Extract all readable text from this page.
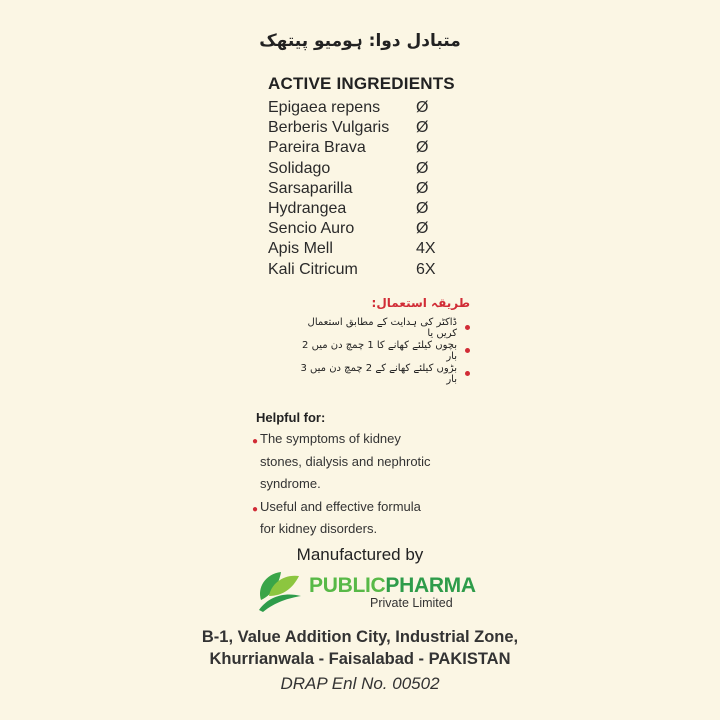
متبادل دوا: ہومیو پیتھک
ACTIVE INGREDIENTS
Epigaea repens	Ø
Berberis Vulgaris	Ø
Pareira Brava	Ø
Solidago	Ø
Sarsaparilla	Ø
Hydrangea	Ø
Sencio Auro	Ø
Apis Mell	4X
Kali Citricum	6X
طریقہ استعمال:
ڈاکٹر کی ہدایت کے مطابق استعمال کریں یا
بچوں کیلئے کھانے کا 1 چمچ دن میں 2 بار
بڑوں کیلئے کھانے کے 2 چمچ دن میں 3 بار
Helpful for:
● The symptoms of kidney
stones, dialysis and nephrotic
syndrome.
● Useful and effective formula
for kidney disorders.
Manufactured by
PUBLICPHARMA
Private Limited
B-1, Value Addition City, Industrial Zone,
Khurrianwala - Faisalabad - PAKISTAN
DRAP Enl No. 00502
